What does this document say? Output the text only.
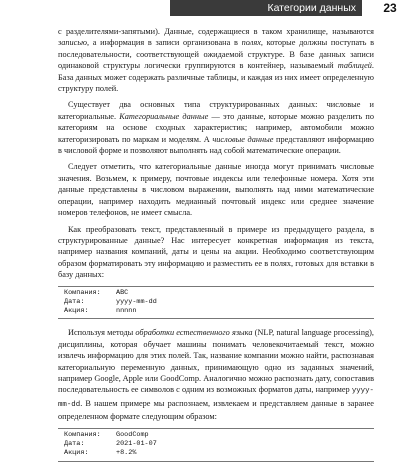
Категории данных	23

с разделителями-запятыми). Данные, содержащиеся в таком хранилище, называются записью, а информация в записи организована в полях, которые должны поступать в последовательности, соответствующей ожидаемой структуре. В базе данных записи одинаковой структуры логически группируются в контейнер, называемый таблицей. База данных может содержать различные таблицы, и каждая из них имеет определенную структуру полей.

Существует два основных типа структурированных данных: числовые и категориальные. Категориальные данные — это данные, которые можно разделить по категориям на основе сходных характеристик; например, автомобили можно категоризировать по маркам и моделям. А числовые данные представляют информацию в числовой форме и позволяют выполнять над собой математические операции.

Следует отметить, что категориальные данные иногда могут принимать числовые значения. Возьмем, к примеру, почтовые индексы или телефонные номера. Хотя эти данные представлены в числовом выражении, выполнять над ними математические операции, например находить медианный почтовый индекс или среднее значение номеров телефонов, не имеет смысла.

Как преобразовать текст, представленный в примере из предыдущего раздела, в структурированные данные? Нас интересует конкретная информация из текста, например названия компаний, даты и цены на акции. Необходимо соответствующим образом форматировать эту информацию и разместить ее в полях, готовых для вставки в базу данных:

Компания:	ABC
Дата:	yyyy-mm-dd
Акция:	nnnnn

Используя методы обработки естественного языка (NLP, natural language processing), дисциплины, которая обучает машины понимать человекочитаемый текст, можно извлечь информацию для этих полей. Так, название компании можно найти, распознавая категориальную переменную данных, принимающую одно из заданных значений, например Google, Apple или GoodComp. Аналогично можно распознать дату, сопоставив последовательность ее символов с одним из возможных форматов даты, например yyyy-mm-dd. В нашем примере мы распознаем, извлекаем и представляем данные в заранее определенном формате следующим образом:

Компания:	GoodComp
Дата:	2021-01-07
Акция:	+8.2%
